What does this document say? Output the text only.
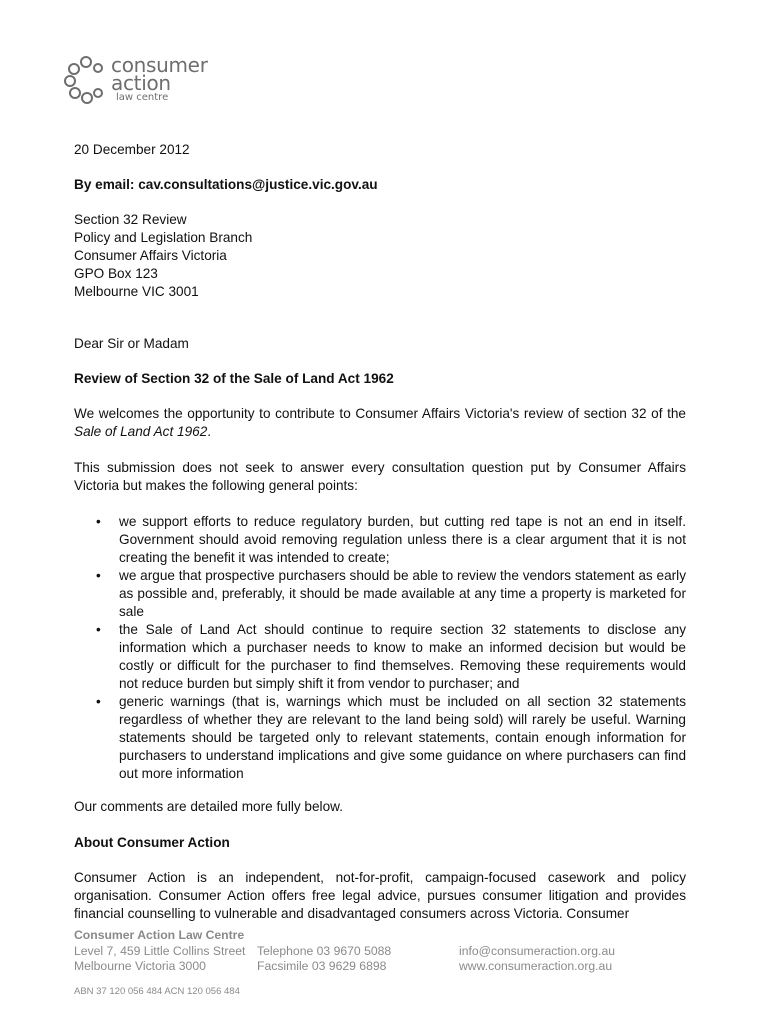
consumer
action
law centre

20 December 2012

By email: cav.consultations@justice.vic.gov.au

Section 32 Review
Policy and Legislation Branch
Consumer Affairs Victoria
GPO Box 123
Melbourne VIC 3001

Dear Sir or Madam

Review of Section 32 of the Sale of Land Act 1962

We welcomes the opportunity to contribute to Consumer Affairs Victoria's review of section 32 of the Sale of Land Act 1962.

This submission does not seek to answer every consultation question put by Consumer Affairs Victoria but makes the following general points:

• we support efforts to reduce regulatory burden, but cutting red tape is not an end in itself. Government should avoid removing regulation unless there is a clear argument that it is not creating the benefit it was intended to create;
• we argue that prospective purchasers should be able to review the vendors statement as early as possible and, preferably, it should be made available at any time a property is marketed for sale
• the Sale of Land Act should continue to require section 32 statements to disclose any information which a purchaser needs to know to make an informed decision but would be costly or difficult for the purchaser to find themselves. Removing these requirements would not reduce burden but simply shift it from vendor to purchaser; and
• generic warnings (that is, warnings which must be included on all section 32 statements regardless of whether they are relevant to the land being sold) will rarely be useful. Warning statements should be targeted only to relevant statements, contain enough information for purchasers to understand implications and give some guidance on where purchasers can find out more information

Our comments are detailed more fully below.

About Consumer Action

Consumer Action is an independent, not-for-profit, campaign-focused casework and policy organisation. Consumer Action offers free legal advice, pursues consumer litigation and provides financial counselling to vulnerable and disadvantaged consumers across Victoria. Consumer

Consumer Action Law Centre
Level 7, 459 Little Collins Street
Melbourne Victoria 3000
Telephone 03 9670 5088
Facsimile 03 9629 6898
info@consumeraction.org.au
www.consumeraction.org.au
ABN 37 120 056 484 ACN 120 056 484
